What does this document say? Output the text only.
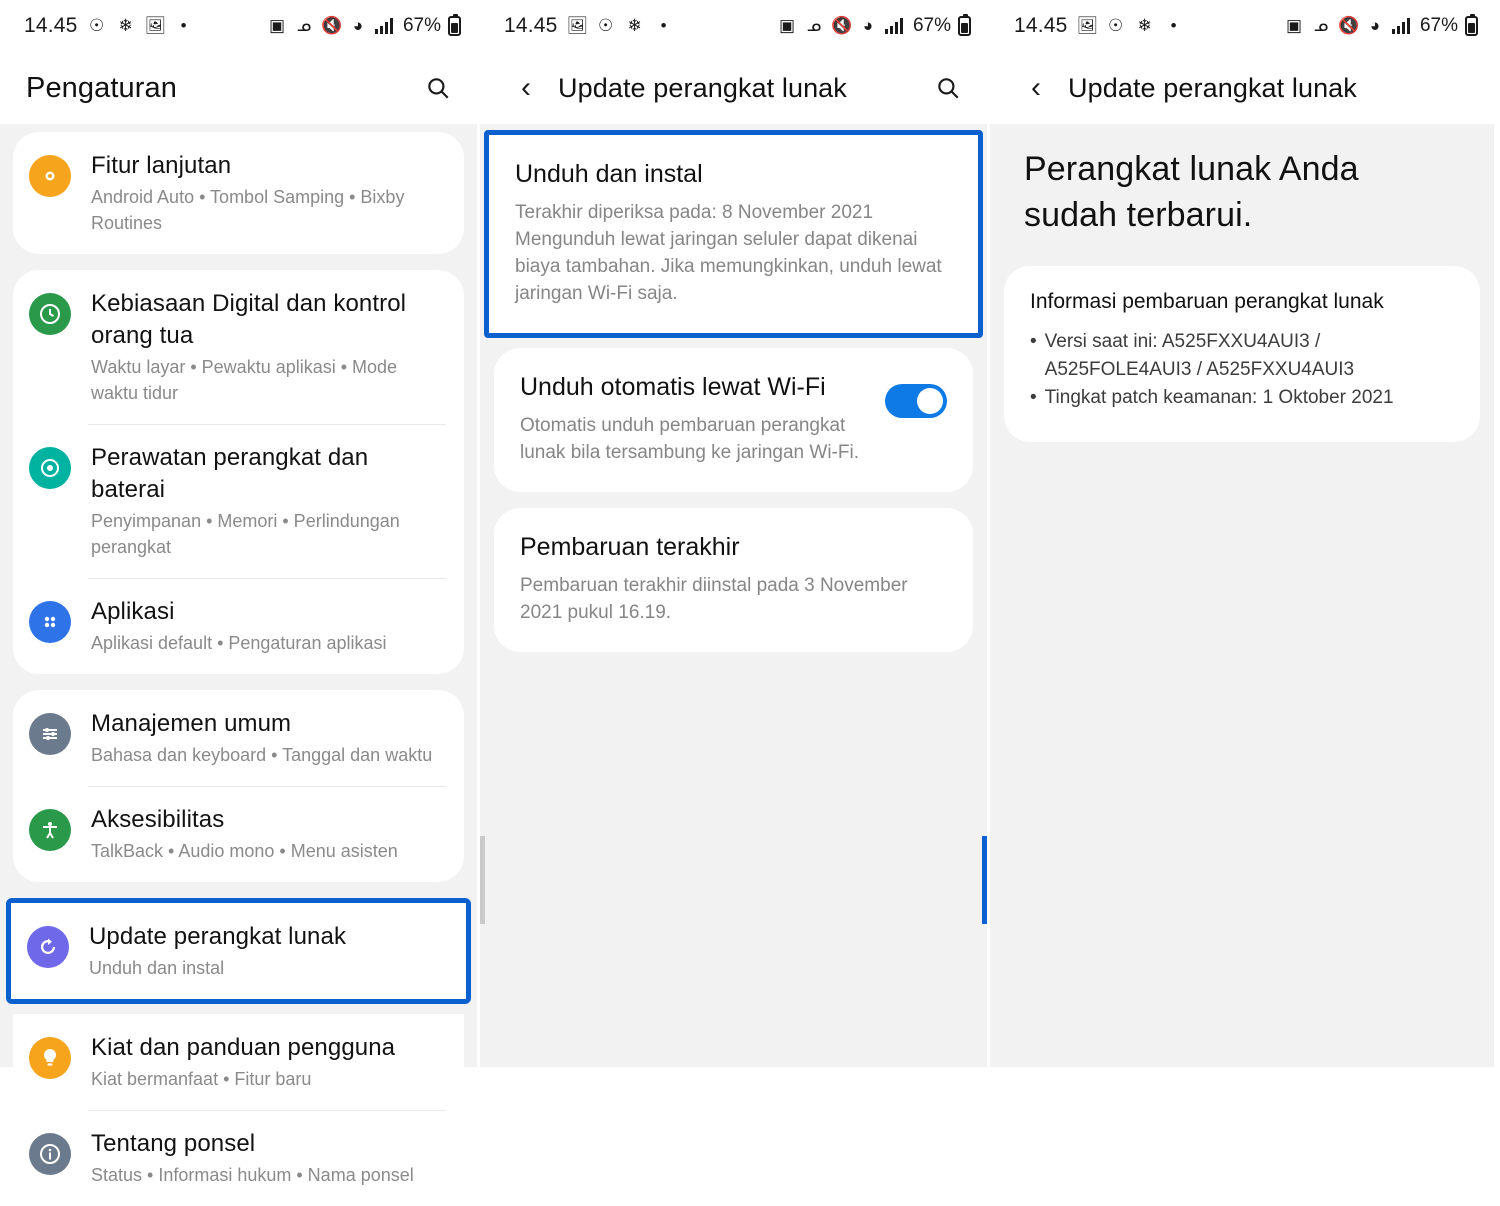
14.45 ☉ ❄ 🖼 •	▣ ᓄ 🔇 ◕ 67%
Pengaturan
Fitur lanjutan
Android Auto • Tombol Samping • Bixby Routines
Kebiasaan Digital dan kontrol orang tua
Waktu layar • Pewaktu aplikasi • Mode waktu tidur
Perawatan perangkat dan baterai
Penyimpanan • Memori • Perlindungan perangkat
Aplikasi
Aplikasi default • Pengaturan aplikasi
Manajemen umum
Bahasa dan keyboard • Tanggal dan waktu
Aksesibilitas
TalkBack • Audio mono • Menu asisten
Update perangkat lunak
Unduh dan instal
Kiat dan panduan pengguna
Kiat bermanfaat • Fitur baru
Tentang ponsel
Status • Informasi hukum • Nama ponsel
14.45 🖼 ☉ ❄	•	▣ ᓄ 🔇 ◕ 67%
‹	Update perangkat lunak
Unduh dan instal
Terakhir diperiksa pada: 8 November 2021 Mengunduh lewat jaringan seluler dapat dikenai biaya tambahan. Jika memungkinkan, unduh lewat jaringan Wi-Fi saja.
Unduh otomatis lewat Wi-Fi
Otomatis unduh pembaruan perangkat lunak bila tersambung ke jaringan Wi-Fi.
Pembaruan terakhir
Pembaruan terakhir diinstal pada 3 November 2021 pukul 16.19.
14.45 🖼 ☉ ❄	•	▣ ᓄ 🔇 ◕ 67%
‹	Update perangkat lunak
Perangkat lunak Anda sudah terbarui.
Informasi pembaruan perangkat lunak
• Versi saat ini: A525FXXU4AUI3 / A525FOLE4AUI3 / A525FXXU4AUI3
• Tingkat patch keamanan: 1 Oktober 2021
